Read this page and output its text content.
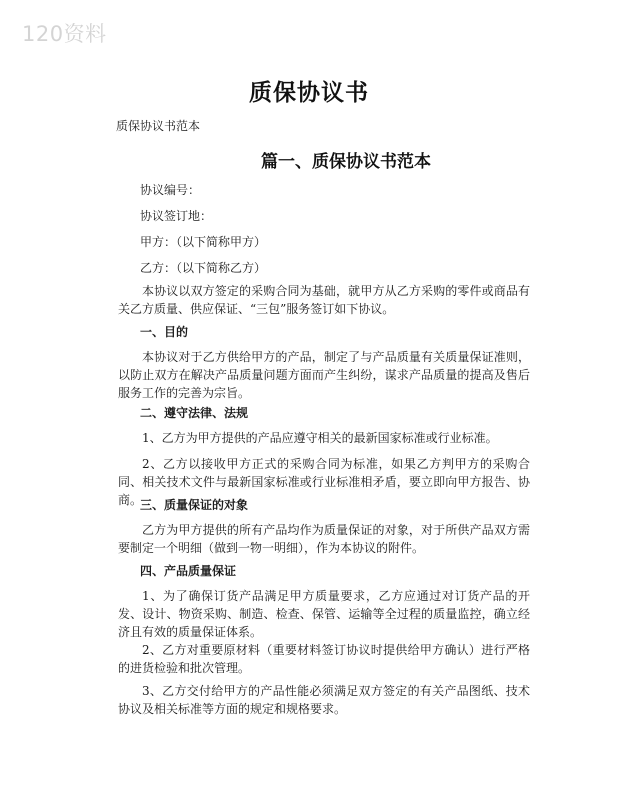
120资料
质保协议书
质保协议书范本
篇一、质保协议书范本
协议编号：
协议签订地：
甲方：（以下简称甲方）
乙方：（以下简称乙方）
本协议以双方签定的采购合同为基础，就甲方从乙方采购的零件或商品有关乙方质量、供应保证、“三包”服务签订如下协议。
一、目的
本协议对于乙方供给甲方的产品，制定了与产品质量有关质量保证准则，以防止双方在解决产品质量问题方面而产生纠纷，谋求产品质量的提高及售后服务工作的完善为宗旨。
二、遵守法律、法规
1、乙方为甲方提供的产品应遵守相关的最新国家标准或行业标准。
2、乙方以接收甲方正式的采购合同为标准，如果乙方判甲方的采购合同、相关技术文件与最新国家标准或行业标准相矛盾，要立即向甲方报告、协商。
三、质量保证的对象
乙方为甲方提供的所有产品均作为质量保证的对象，对于所供产品双方需要制定一个明细（做到一物一明细），作为本协议的附件。
四、产品质量保证
1、为了确保订货产品满足甲方质量要求，乙方应通过对订货产品的开发、设计、物资采购、制造、检查、保管、运输等全过程的质量监控，确立经济且有效的质量保证体系。
2、乙方对重要原材料（重要材料签订协议时提供给甲方确认）进行严格的进货检验和批次管理。
3、乙方交付给甲方的产品性能必须满足双方签定的有关产品图纸、技术协议及相关标准等方面的规定和规格要求。
